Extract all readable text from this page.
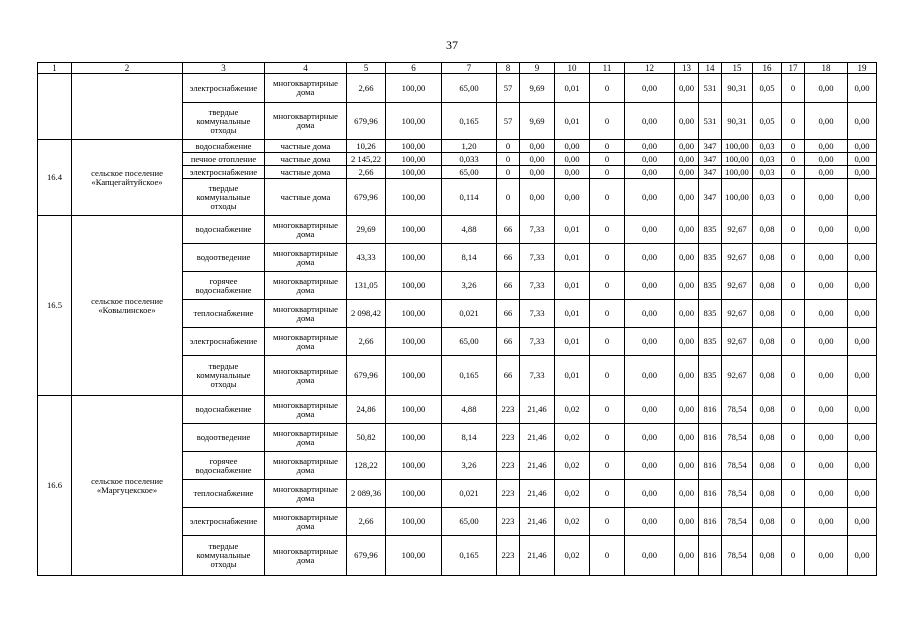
37
1	2	3	4	5	6	7	8	9	10	11	12	13	14	15	16	17	18	19
		электроснабжение	многоквартирные дома	2,66	100,00	65,00	57	9,69	0,01	0	0,00	0,00	531	90,31	0,05	0	0,00	0,00
		твердые коммунальные отходы	многоквартирные дома	679,96	100,00	0,165	57	9,69	0,01	0	0,00	0,00	531	90,31	0,05	0	0,00	0,00
16.4	сельское поселение «Капцегайтуйское»	водоснабжение	частные дома	10,26	100,00	1,20	0	0,00	0,00	0	0,00	0,00	347	100,00	0,03	0	0,00	0,00
		печное отопление	частные дома	2 145,22	100,00	0,033	0	0,00	0,00	0	0,00	0,00	347	100,00	0,03	0	0,00	0,00
		электроснабжение	частные дома	2,66	100,00	65,00	0	0,00	0,00	0	0,00	0,00	347	100,00	0,03	0	0,00	0,00
		твердые коммунальные отходы	частные дома	679,96	100,00	0,114	0	0,00	0,00	0	0,00	0,00	347	100,00	0,03	0	0,00	0,00
16.5	сельское поселение «Ковылинское»	водоснабжение	многоквартирные дома	29,69	100,00	4,88	66	7,33	0,01	0	0,00	0,00	835	92,67	0,08	0	0,00	0,00
		водоотведение	многоквартирные дома	43,33	100,00	8,14	66	7,33	0,01	0	0,00	0,00	835	92,67	0,08	0	0,00	0,00
		горячее водоснабжение	многоквартирные дома	131,05	100,00	3,26	66	7,33	0,01	0	0,00	0,00	835	92,67	0,08	0	0,00	0,00
		теплоснабжение	многоквартирные дома	2 098,42	100,00	0,021	66	7,33	0,01	0	0,00	0,00	835	92,67	0,08	0	0,00	0,00
		электроснабжение	многоквартирные дома	2,66	100,00	65,00	66	7,33	0,01	0	0,00	0,00	835	92,67	0,08	0	0,00	0,00
		твердые коммунальные отходы	многоквартирные дома	679,96	100,00	0,165	66	7,33	0,01	0	0,00	0,00	835	92,67	0,08	0	0,00	0,00
16.6	сельское поселение «Маргуцекское»	водоснабжение	многоквартирные дома	24,86	100,00	4,88	223	21,46	0,02	0	0,00	0,00	816	78,54	0,08	0	0,00	0,00
		водоотведение	многоквартирные дома	50,82	100,00	8,14	223	21,46	0,02	0	0,00	0,00	816	78,54	0,08	0	0,00	0,00
		горячее водоснабжение	многоквартирные дома	128,22	100,00	3,26	223	21,46	0,02	0	0,00	0,00	816	78,54	0,08	0	0,00	0,00
		теплоснабжение	многоквартирные дома	2 089,36	100,00	0,021	223	21,46	0,02	0	0,00	0,00	816	78,54	0,08	0	0,00	0,00
		электроснабжение	многоквартирные дома	2,66	100,00	65,00	223	21,46	0,02	0	0,00	0,00	816	78,54	0,08	0	0,00	0,00
		твердые коммунальные отходы	многоквартирные дома	679,96	100,00	0,165	223	21,46	0,02	0	0,00	0,00	816	78,54	0,08	0	0,00	0,00
